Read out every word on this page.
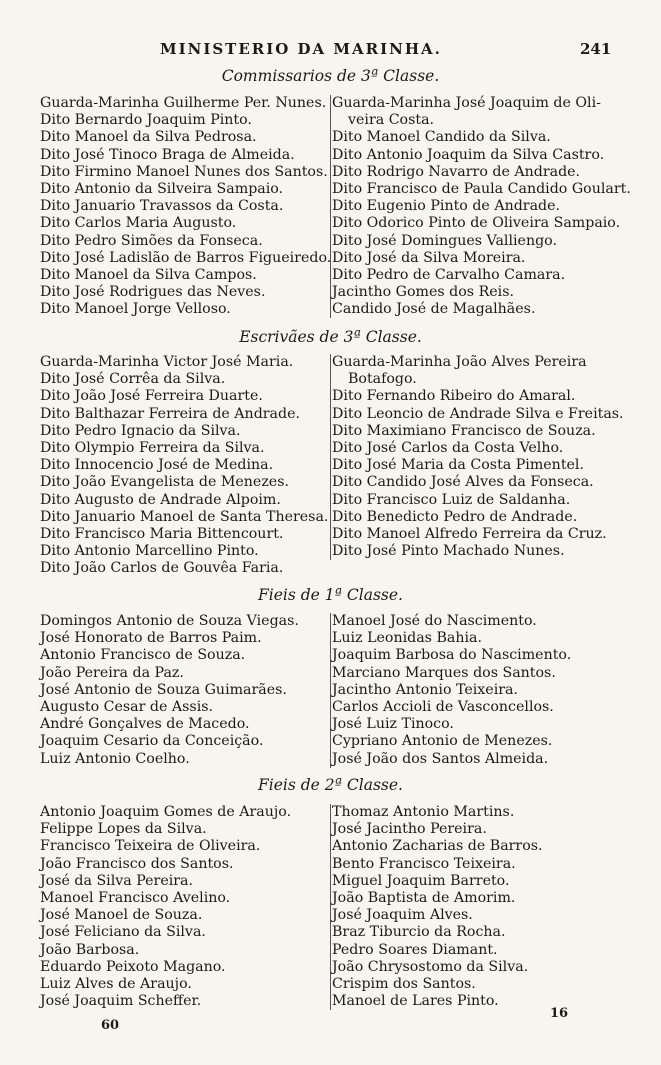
MINISTERIO DA MARINHA.	241
Commissarios de 3ª Classe.
Guarda-Marinha Guilherme Per. Nunes.
Dito Bernardo Joaquim Pinto.
Dito Manoel da Silva Pedrosa.
Dito José Tinoco Braga de Almeida.
Dito Firmino Manoel Nunes dos Santos.
Dito Antonio da Silveira Sampaio.
Dito Januario Travassos da Costa.
Dito Carlos Maria Augusto.
Dito Pedro Simões da Fonseca.
Dito José Ladislão de Barros Figueiredo.
Dito Manoel da Silva Campos.
Dito José Rodrigues das Neves.
Dito Manoel Jorge Velloso.
Guarda-Marinha José Joaquim de Oli-
veira Costa.
Dito Manoel Candido da Silva.
Dito Antonio Joaquim da Silva Castro.
Dito Rodrigo Navarro de Andrade.
Dito Francisco de Paula Candido Goulart.
Dito Eugenio Pinto de Andrade.
Dito Odorico Pinto de Oliveira Sampaio.
Dito José Domingues Valliengo.
Dito José da Silva Moreira.
Dito Pedro de Carvalho Camara.
Jacintho Gomes dos Reis.
Candido José de Magalhães.
Escrivães de 3ª Classe.
Guarda-Marinha Victor José Maria.
Dito José Corrêa da Silva.
Dito João José Ferreira Duarte.
Dito Balthazar Ferreira de Andrade.
Dito Pedro Ignacio da Silva.
Dito Olympio Ferreira da Silva.
Dito Innocencio José de Medina.
Dito João Evangelista de Menezes.
Dito Augusto de Andrade Alpoim.
Dito Januario Manoel de Santa Theresa.
Dito Francisco Maria Bittencourt.
Dito Antonio Marcellino Pinto.
Dito João Carlos de Gouvêa Faria.
Guarda-Marinha João Alves Pereira
Botafogo.
Dito Fernando Ribeiro do Amaral.
Dito Leoncio de Andrade Silva e Freitas.
Dito Maximiano Francisco de Souza.
Dito José Carlos da Costa Velho.
Dito José Maria da Costa Pimentel.
Dito Candido José Alves da Fonseca.
Dito Francisco Luiz de Saldanha.
Dito Benedicto Pedro de Andrade.
Dito Manoel Alfredo Ferreira da Cruz.
Dito José Pinto Machado Nunes.
Fieis de 1ª Classe.
Domingos Antonio de Souza Viegas.
José Honorato de Barros Paim.
Antonio Francisco de Souza.
João Pereira da Paz.
José Antonio de Souza Guimarães.
Augusto Cesar de Assis.
André Gonçalves de Macedo.
Joaquim Cesario da Conceição.
Luiz Antonio Coelho.
Manoel José do Nascimento.
Luiz Leonidas Bahia.
Joaquim Barbosa do Nascimento.
Marciano Marques dos Santos.
Jacintho Antonio Teixeira.
Carlos Accioli de Vasconcellos.
José Luiz Tinoco.
Cypriano Antonio de Menezes.
José João dos Santos Almeida.
Fieis de 2ª Classe.
Antonio Joaquim Gomes de Araujo.
Felippe Lopes da Silva.
Francisco Teixeira de Oliveira.
João Francisco dos Santos.
José da Silva Pereira.
Manoel Francisco Avelino.
José Manoel de Souza.
José Feliciano da Silva.
João Barbosa.
Eduardo Peixoto Magano.
Luiz Alves de Araujo.
José Joaquim Scheffer.
Thomaz Antonio Martins.
José Jacintho Pereira.
Antonio Zacharias de Barros.
Bento Francisco Teixeira.
Miguel Joaquim Barreto.
João Baptista de Amorim.
José Joaquim Alves.
Braz Tiburcio da Rocha.
Pedro Soares Diamant.
João Chrysostomo da Silva.
Crispim dos Santos.
Manoel de Lares Pinto.
60
16
